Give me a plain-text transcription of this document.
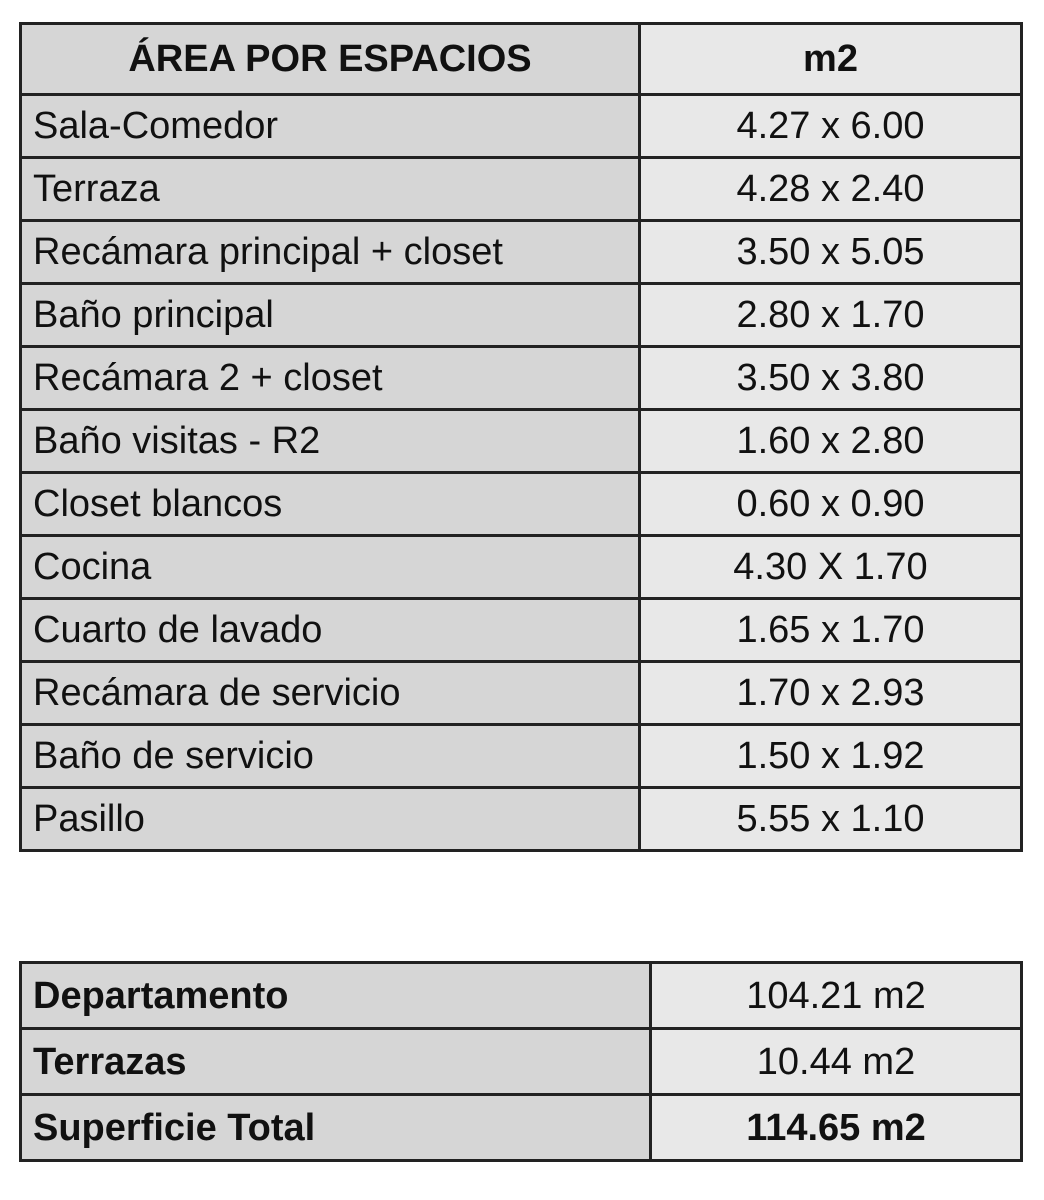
ÁREA POR ESPACIOS	m2
Sala-Comedor	4.27 x 6.00
Terraza	4.28 x 2.40
Recámara principal + closet	3.50 x 5.05
Baño principal	2.80 x 1.70
Recámara 2 + closet	3.50 x 3.80
Baño visitas - R2	1.60 x 2.80
Closet blancos	0.60 x 0.90
Cocina	4.30 X 1.70
Cuarto de lavado	1.65 x 1.70
Recámara de servicio	1.70 x 2.93
Baño de servicio	1.50 x 1.92
Pasillo	5.55 x 1.10
Departamento	104.21 m2
Terrazas	10.44 m2
Superficie Total	114.65 m2
